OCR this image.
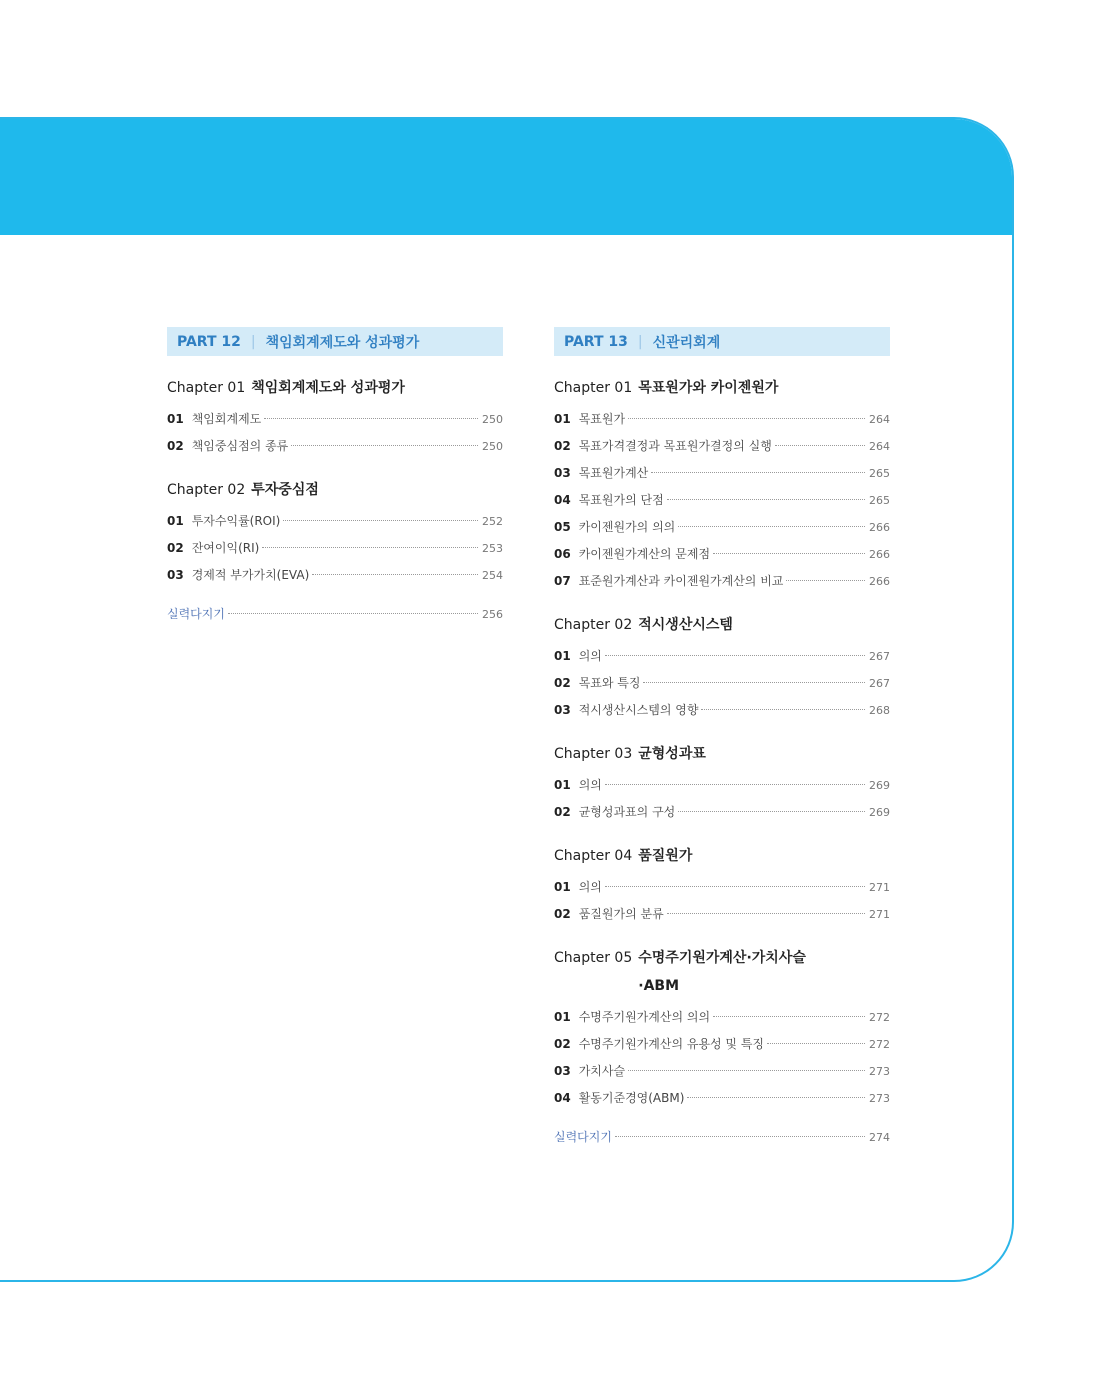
PART 12 | 책임회계제도와 성과평가
Chapter 01 책임회계제도와 성과평가
01 책임회계제도	250
02 책임중심점의 종류	250
Chapter 02 투자중심점
01 투자수익률(ROI)	252
02 잔여이익(RI)	253
03 경제적 부가가치(EVA)	254
실력다지기	256
PART 13 | 신관리회계
Chapter 01 목표원가와 카이젠원가
01 목표원가	264
02 목표가격결정과 목표원가결정의 실행	264
03 목표원가계산	265
04 목표원가의 단점	265
05 카이젠원가의 의의	266
06 카이젠원가계산의 문제점	266
07 표준원가계산과 카이젠원가계산의 비교	266
Chapter 02 적시생산시스템
01 의의	267
02 목표와 특징	267
03 적시생산시스템의 영향	268
Chapter 03 균형성과표
01 의의	269
02 균형성과표의 구성	269
Chapter 04 품질원가
01 의의	271
02 품질원가의 분류	271
Chapter 05 수명주기원가계산·가치사슬·ABM
01 수명주기원가계산의 의의	272
02 수명주기원가계산의 유용성 및 특징	272
03 가치사슬	273
04 활동기준경영(ABM)	273
실력다지기	274
